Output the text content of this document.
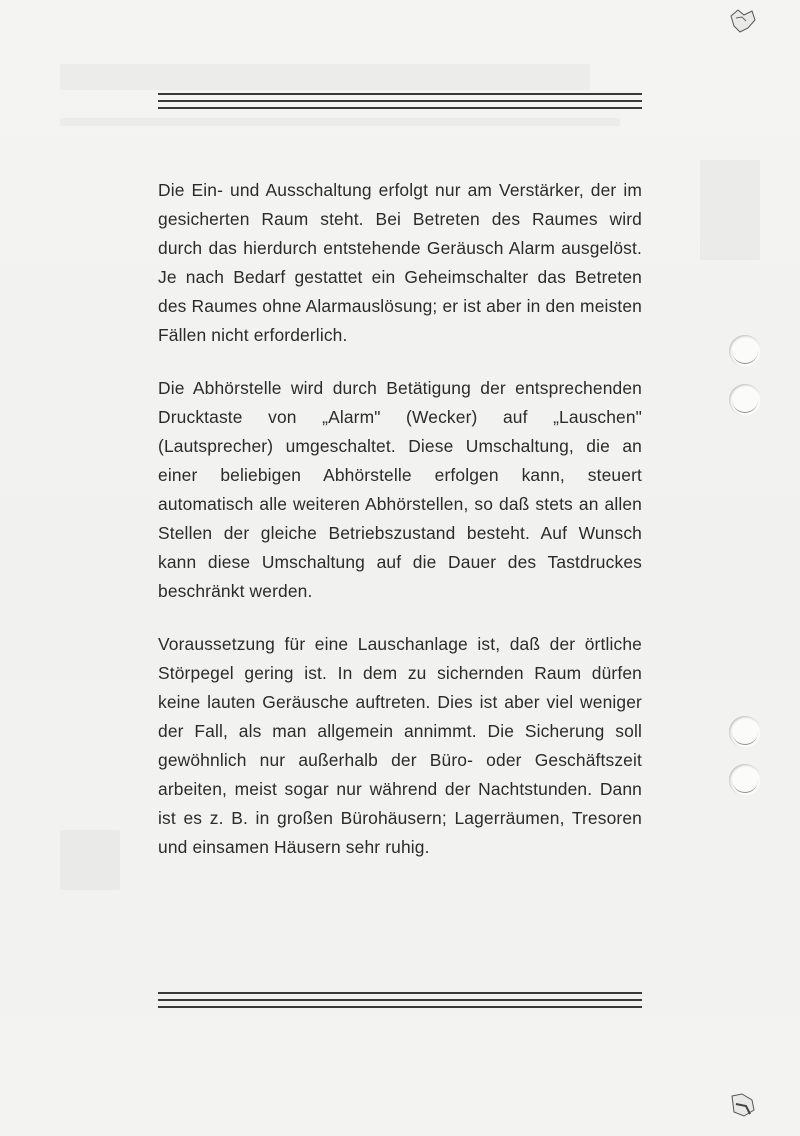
Die Ein- und Ausschaltung erfolgt nur am Verstärker, der im gesicherten Raum steht. Bei Betreten des Raumes wird durch das hierdurch entstehende Geräusch Alarm ausgelöst. Je nach Bedarf gestattet ein Geheimschalter das Betreten des Raumes ohne Alarmauslösung; er ist aber in den meisten Fällen nicht erforderlich.

Die Abhörstelle wird durch Betätigung der entsprechenden Drucktaste von „Alarm" (Wecker) auf „Lauschen" (Lautsprecher) umgeschaltet. Diese Umschaltung, die an einer beliebigen Abhörstelle erfolgen kann, steuert automatisch alle weiteren Abhörstellen, so daß stets an allen Stellen der gleiche Betriebszustand besteht. Auf Wunsch kann diese Umschaltung auf die Dauer des Tastdruckes beschränkt werden.

Voraussetzung für eine Lauschanlage ist, daß der örtliche Störpegel gering ist. In dem zu sichernden Raum dürfen keine lauten Geräusche auftreten. Dies ist aber viel weniger der Fall, als man allgemein annimmt. Die Sicherung soll gewöhnlich nur außerhalb der Büro- oder Geschäftszeit arbeiten, meist sogar nur während der Nachtstunden. Dann ist es z. B. in großen Bürohäusern; Lagerräumen, Tresoren und einsamen Häusern sehr ruhig.
